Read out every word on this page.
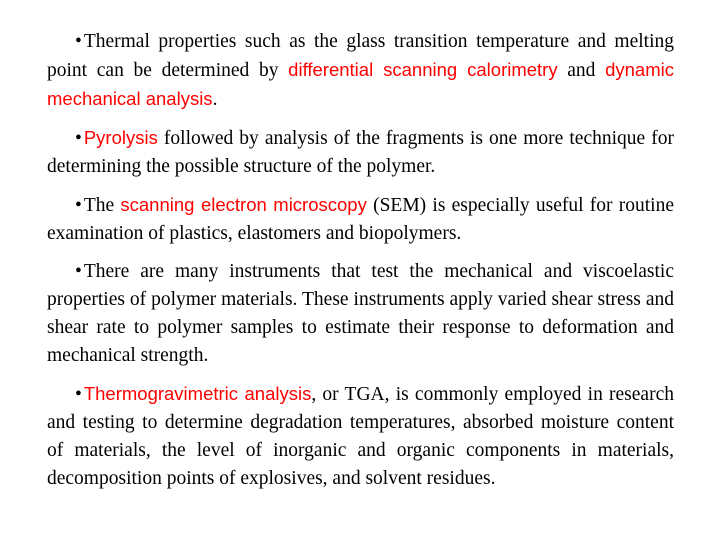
• Thermal properties such as the glass transition temperature and melting point can be determined by differential scanning calorimetry and dynamic mechanical analysis.

• Pyrolysis followed by analysis of the fragments is one more technique for determining the possible structure of the polymer.

• The scanning electron microscopy (SEM) is especially useful for routine examination of plastics, elastomers and biopolymers.

• There are many instruments that test the mechanical and viscoelastic properties of polymer materials. These instruments apply varied shear stress and shear rate to polymer samples to estimate their response to deformation and mechanical strength.

• Thermogravimetric analysis, or TGA, is commonly employed in research and testing to determine degradation temperatures, absorbed moisture content of materials, the level of inorganic and organic components in materials, decomposition points of explosives, and solvent residues.
